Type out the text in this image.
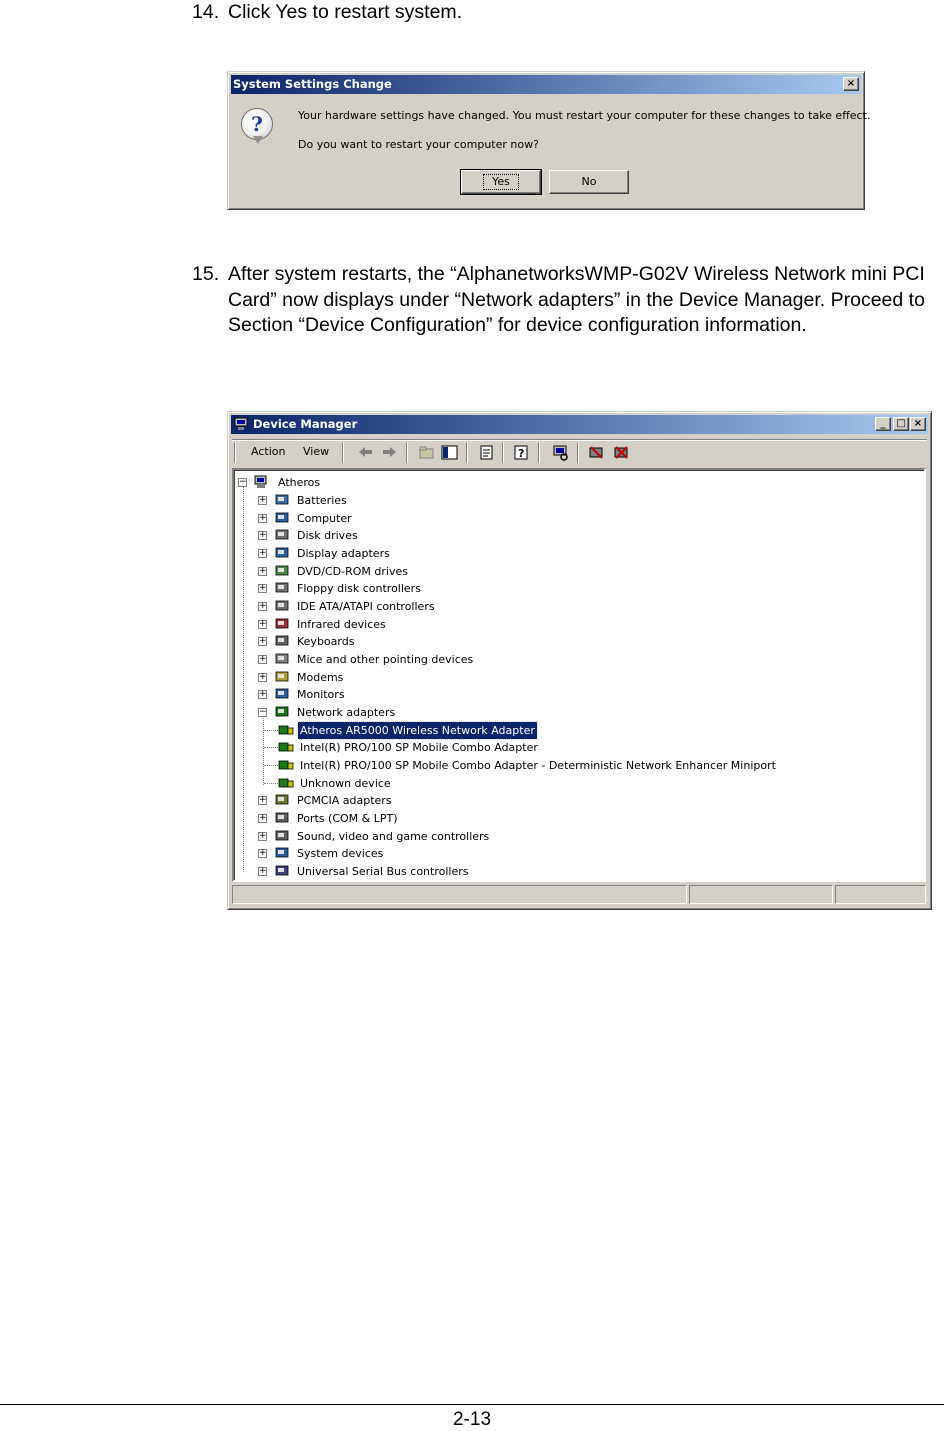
14. Click Yes to restart system.
System Settings Change	×
?	Your hardware settings have changed. You must restart your computer for these changes to take effect.
Do you want to restart your computer now?
Yes	No
15. After system restarts, the “AlphanetworksWMP-G02V Wireless Network mini PCI Card” now displays under “Network adapters” in the Device Manager. Proceed to Section “Device Configuration” for device configuration information.
Device Manager	_	□ ×
Action View	?
−	Atheros
+	Batteries
+	Computer
+	Disk drives
+	Display adapters
+	DVD/CD-ROM drives
+	Floppy disk controllers
+	IDE ATA/ATAPI controllers
+	Infrared devices
+	Keyboards
+	Mice and other pointing devices
+	Modems
+	Monitors
−	Network adapters
Atheros AR5000 Wireless Network Adapter
Intel(R) PRO/100 SP Mobile Combo Adapter
Intel(R) PRO/100 SP Mobile Combo Adapter - Deterministic Network Enhancer Miniport
Unknown device
+	PCMCIA adapters
+	Ports (COM & LPT)
+	Sound, video and game controllers
+	System devices
+	Universal Serial Bus controllers
2-13
